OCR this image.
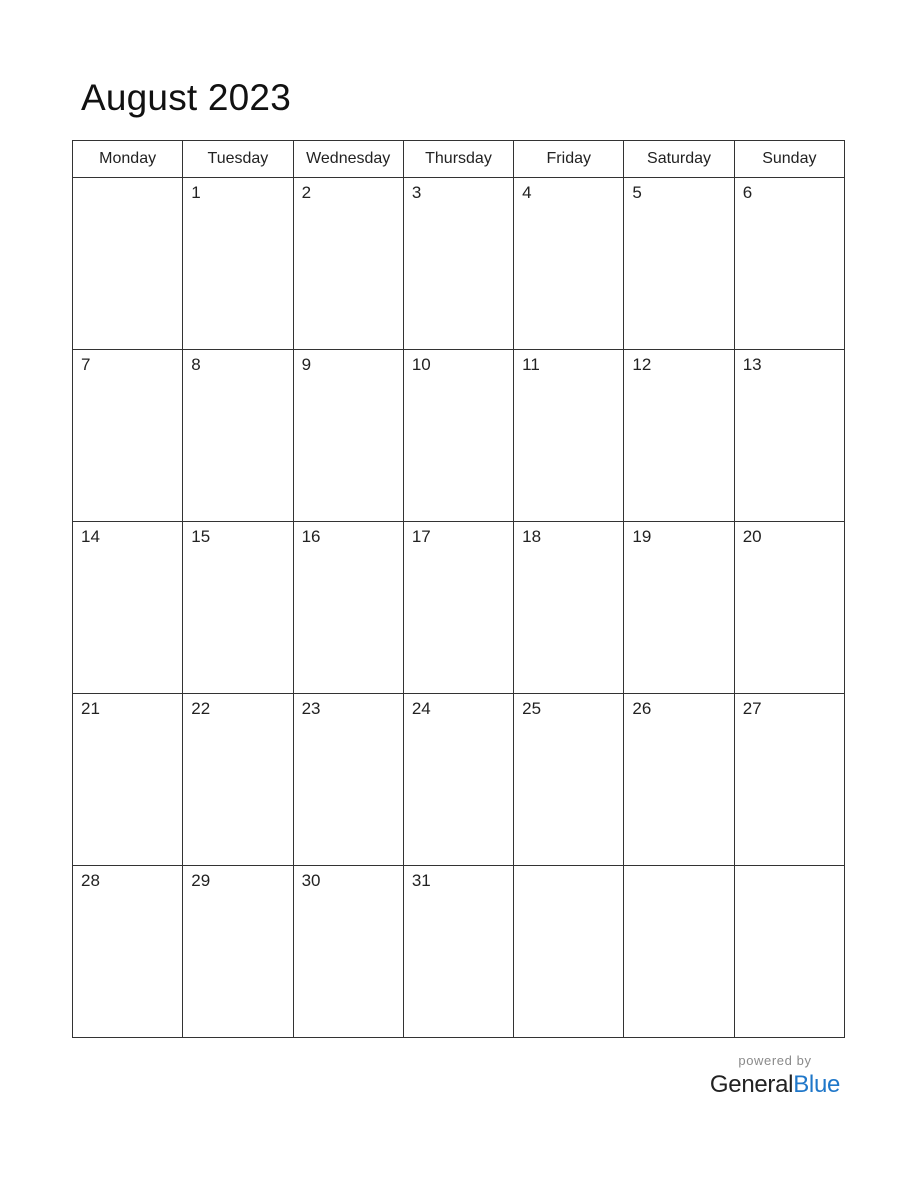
August 2023
Monday	Tuesday	Wednesday	Thursday	Friday	Saturday	Sunday

	1	2	3	4	5	6

7	8	9	10	11	12	13

14	15	16	17	18	19	20

21	22	23	24	25	26	27

28	29	30	31			

powered by
GeneralBlue
